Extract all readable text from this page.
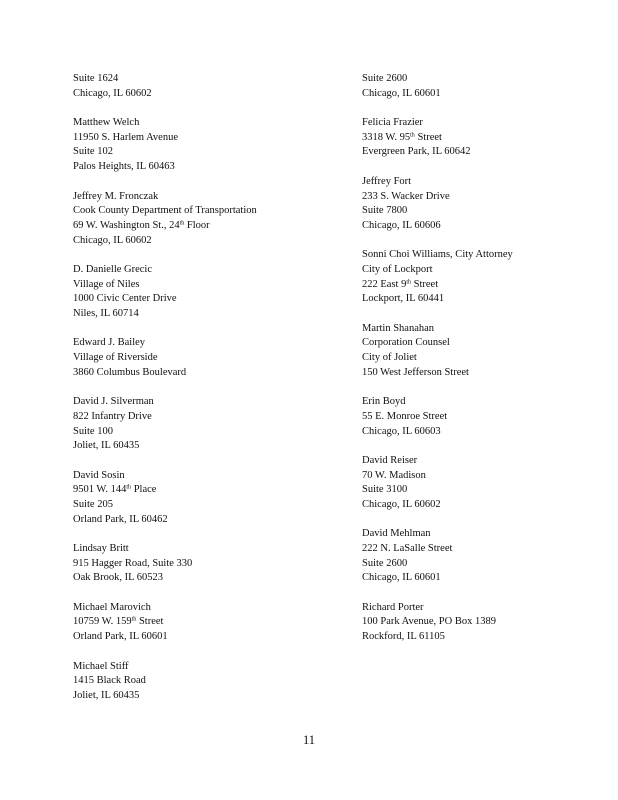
Suite 1624
Chicago, IL 60602
Matthew Welch
11950 S. Harlem Avenue
Suite 102
Palos Heights, IL 60463
Jeffrey M. Fronczak
Cook County Department of Transportation
69 W. Washington St., 24th Floor
Chicago, IL 60602
D. Danielle Grecic
Village of Niles
1000 Civic Center Drive
Niles, IL 60714
Edward J. Bailey
Village of Riverside
3860 Columbus Boulevard
David J. Silverman
822 Infantry Drive
Suite 100
Joliet, IL 60435
David Sosin
9501 W. 144th Place
Suite 205
Orland Park, IL 60462
Lindsay Britt
915 Hagger Road, Suite 330
Oak Brook, IL 60523
Michael Marovich
10759 W. 159th Street
Orland Park, IL 60601
Michael Stiff
1415 Black Road
Joliet, IL 60435
Suite 2600
Chicago, IL 60601
Felicia Frazier
3318 W. 95th Street
Evergreen Park, IL 60642
Jeffrey Fort
233 S. Wacker Drive
Suite 7800
Chicago, IL 60606
Sonni Choi Williams, City Attorney
City of Lockport
222 East 9th Street
Lockport, IL 60441
Martin Shanahan
Corporation Counsel
City of Joliet
150 West Jefferson Street
Erin Boyd
55 E. Monroe Street
Chicago, IL 60603
David Reiser
70 W. Madison
Suite 3100
Chicago, IL 60602
David Mehlman
222 N. LaSalle Street
Suite 2600
Chicago, IL 60601
Richard Porter
100 Park Avenue, PO Box 1389
Rockford, IL 61105
11
